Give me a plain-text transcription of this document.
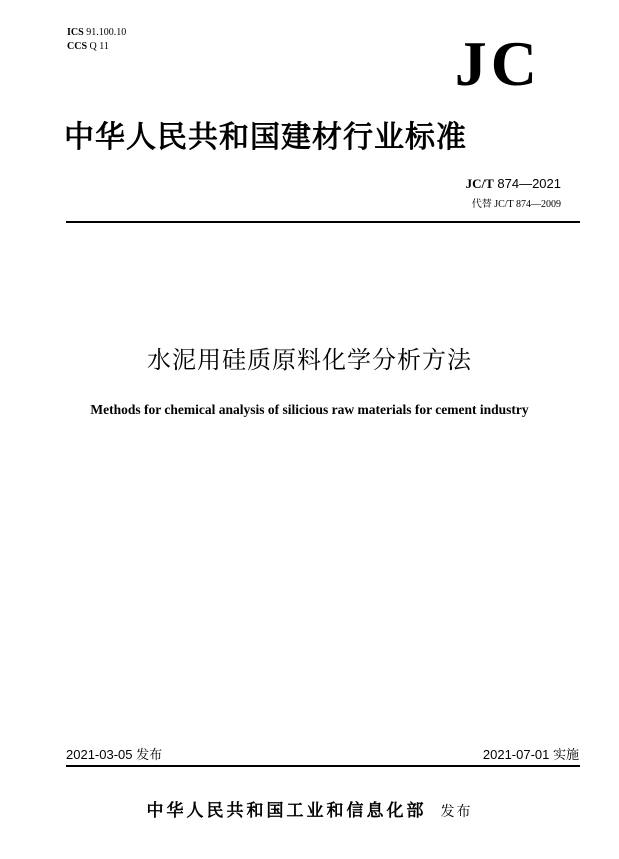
ICS 91.100.10
CCS Q 11	JC
中华人民共和国建材行业标准
JC/T 874—2021
代替 JC/T 874—2009
水泥用硅质原料化学分析方法
Methods for chemical analysis of silicious raw materials for cement industry
2021-03-05 发布	2021-07-01 实施
中华人民共和国工业和信息化部 发布
